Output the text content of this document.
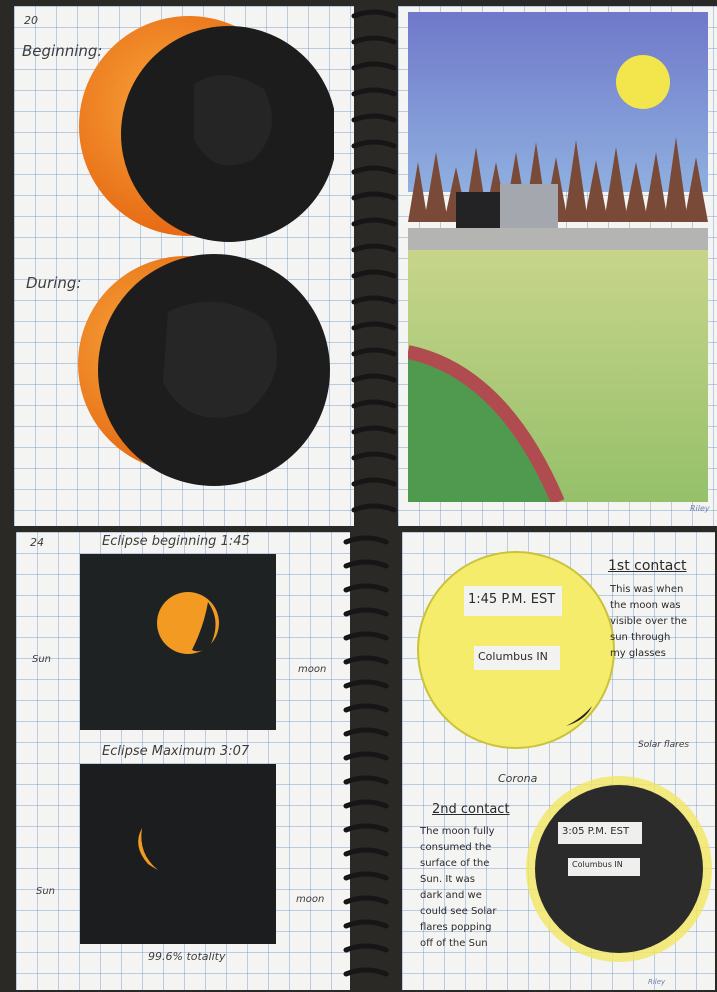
20
Beginning:
During:
Riley
24	Eclipse beginning 1:45
Sun
moon
Eclipse Maximum 3:07
Sun
moon
99.6% totality
1:45 P.M. EST
Columbus IN
1st contact
This was when
the moon was
visible over the
sun through
my glasses
Solar flares
Corona
3:05 P.M. EST
Columbus IN
2nd contact
The moon fully
consumed the
surface of the
Sun. It was
dark and we
could see Solar
flares popping
off of the Sun
Riley
